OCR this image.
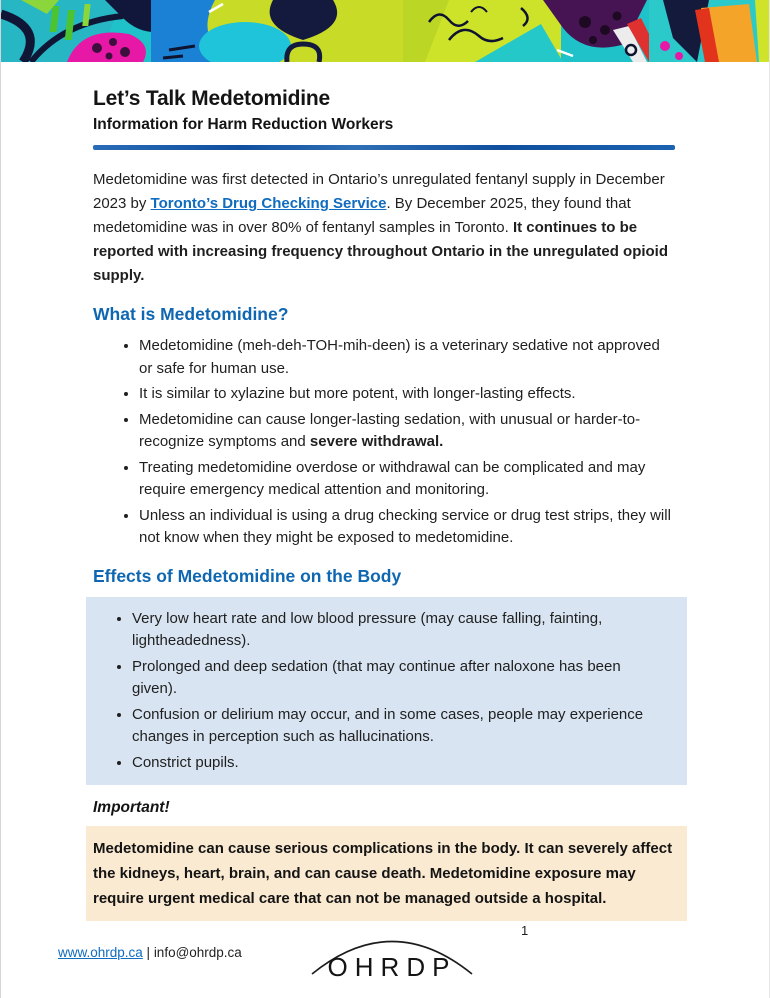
Let’s Talk Medetomidine
Information for Harm Reduction Workers

Medetomidine was first detected in Ontario’s unregulated fentanyl supply in December 2023 by Toronto’s Drug Checking Service. By December 2025, they found that medetomidine was in over 80% of fentanyl samples in Toronto. It continues to be reported with increasing frequency throughout Ontario in the unregulated opioid supply.

What is Medetomidine?
• Medetomidine (meh-deh-TOH-mih-deen) is a veterinary sedative not approved or safe for human use.
• It is similar to xylazine but more potent, with longer-lasting effects.
• Medetomidine can cause longer-lasting sedation, with unusual or harder-to-recognize symptoms and severe withdrawal.
• Treating medetomidine overdose or withdrawal can be complicated and may require emergency medical attention and monitoring.
• Unless an individual is using a drug checking service or drug test strips, they will not know when they might be exposed to medetomidine.
Effects of Medetomidine on the Body
• Very low heart rate and low blood pressure (may cause falling, fainting, lightheadedness).
• Prolonged and deep sedation (that may continue after naloxone has been given).
• Confusion or delirium may occur, and in some cases, people may experience changes in perception such as hallucinations.
• Constrict pupils.
Important!

Medetomidine can cause serious complications in the body. It can severely affect the kidneys, heart, brain, and can cause death. Medetomidine exposure may require urgent medical care that can not be managed outside a hospital.

www.ohrdp.ca | info@ohrdp.ca	OHRDP
1
